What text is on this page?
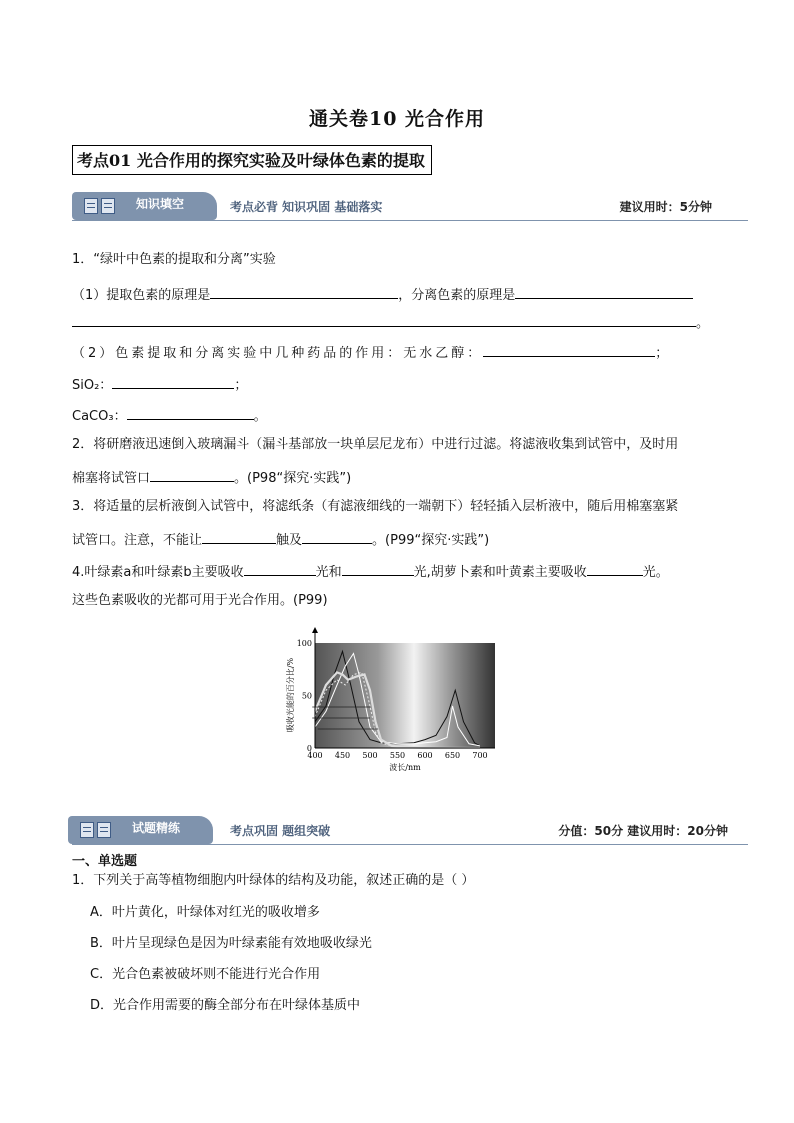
通关卷10 光合作用
考点01 光合作用的探究实验及叶绿体色素的提取
知识填空	考点必背 知识巩固 基础落实	建议用时：5分钟
1．“绿叶中色素的提取和分离”实验
（1）提取色素的原理是	，分离色素的原理是
。
（2）色素提取和分离实验中几种药品的作用：无水乙醇：	；
SiO₂：	；
CaCO₃：	。
2．将研磨液迅速倒入玻璃漏斗（漏斗基部放一块单层尼龙布）中进行过滤。将滤液收集到试管中，及时用
棉塞将试管口	。(P98“探究·实践”)
3．将适量的层析液倒入试管中，将滤纸条（有滤液细线的一端朝下）轻轻插入层析液中，随后用棉塞塞紧
试管口。注意，不能让	触及	。(P99“探究·实践”)
4.叶绿素a和叶绿素b主要吸收	光和	光,胡萝卜素和叶黄素主要吸收	光。
这些色素吸收的光都可用于光合作用。(P99)
吸收光能的百分比/%
波长/nm
400 450 500 550 600 650 700
0
50
100
试题精练	考点巩固 题组突破	分值：50分 建议用时：20分钟
一、单选题
1．下列关于高等植物细胞内叶绿体的结构及功能，叙述正确的是（ ）
A．叶片黄化，叶绿体对红光的吸收增多
B．叶片呈现绿色是因为叶绿素能有效地吸收绿光
C．光合色素被破坏则不能进行光合作用
D．光合作用需要的酶全部分布在叶绿体基质中
